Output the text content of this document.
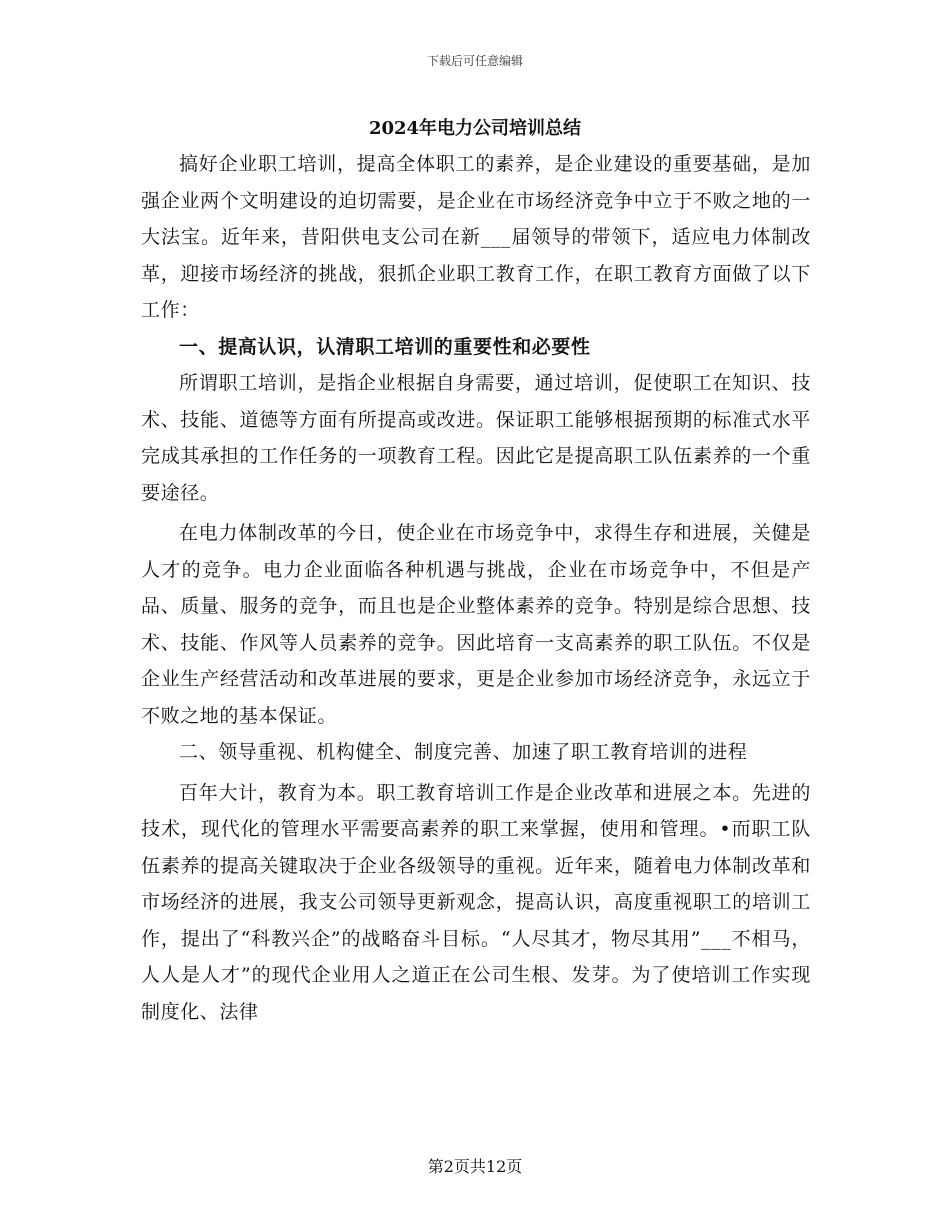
下载后可任意编辑
2024年电力公司培训总结

搞好企业职工培训，提高全体职工的素养，是企业建设的重要基础，是加强企业两个文明建设的迫切需要，是企业在市场经济竞争中立于不败之地的一大法宝。近年来，昔阳供电支公司在新___届领导的带领下，适应电力体制改革，迎接市场经济的挑战，狠抓企业职工教育工作，在职工教育方面做了以下工作：

一、提高认识，认清职工培训的重要性和必要性

所谓职工培训，是指企业根据自身需要，通过培训，促使职工在知识、技术、技能、道德等方面有所提高或改进。保证职工能够根据预期的标准式水平完成其承担的工作任务的一项教育工程。因此它是提高职工队伍素养的一个重要途径。

在电力体制改革的今日，使企业在市场竞争中，求得生存和进展，关健是人才的竞争。电力企业面临各种机遇与挑战，企业在市场竞争中，不但是产品、质量、服务的竞争，而且也是企业整体素养的竞争。特别是综合思想、技术、技能、作风等人员素养的竞争。因此培育一支高素养的职工队伍。不仅是企业生产经营活动和改革进展的要求，更是企业参加市场经济竞争，永远立于不败之地的基本保证。

二、领导重视、机构健全、制度完善、加速了职工教育培训的进程

百年大计，教育为本。职工教育培训工作是企业改革和进展之本。先进的技术，现代化的管理水平需要高素养的职工来掌握，使用和管理。•而职工队伍素养的提高关键取决于企业各级领导的重视。近年来，随着电力体制改革和市场经济的进展，我支公司领导更新观念，提高认识，高度重视职工的培训工作，提出了“科教兴企”的战略奋斗目标。“人尽其才，物尽其用”___不相马，人人是人才”的现代企业用人之道正在公司生根、发芽。为了使培训工作实现制度化、法律

第2页共12页
